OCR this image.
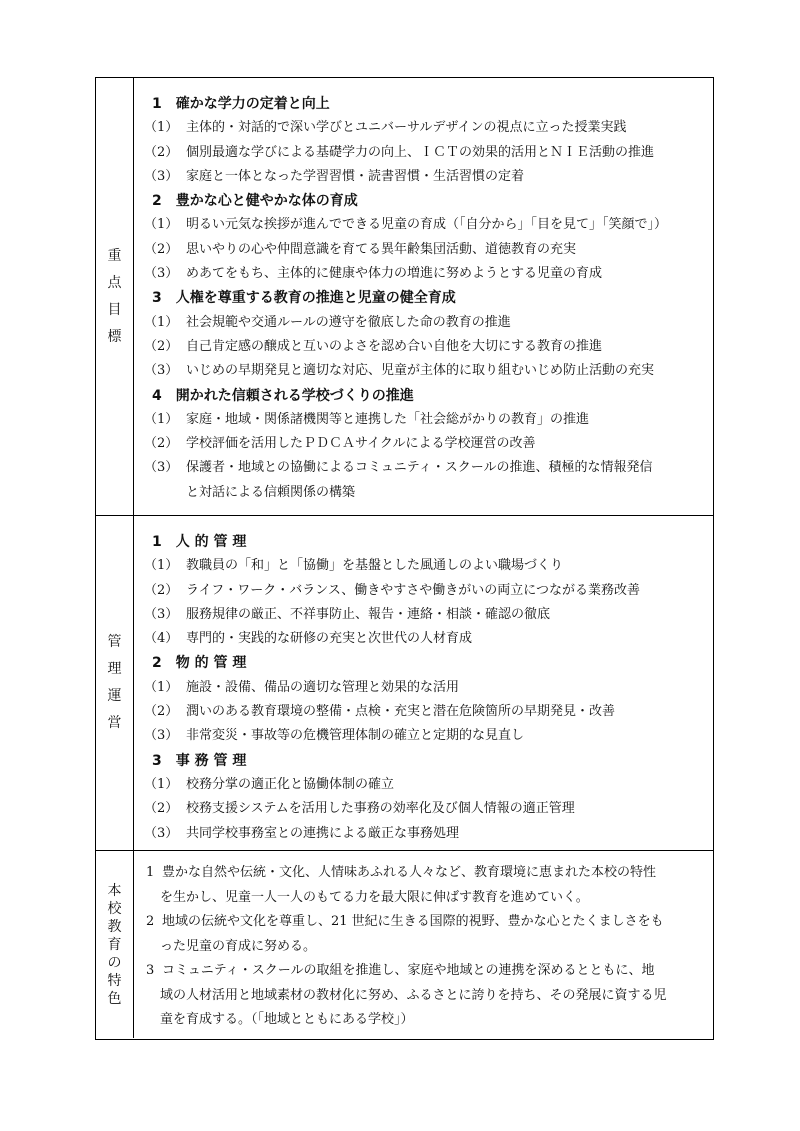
重
点
目
標
1　 確かな学力の定着と向上
（1） 主体的・対話的で深い学びとユニバーサルデザインの視点に立った授業実践
（2） 個別最適な学びによる基礎学力の向上、ＩＣＴの効果的活用とＮＩＥ活動の推進
（3） 家庭と一体となった学習習慣・読書習慣・生活習慣の定着
2　 豊かな心と健やかな体の育成
（1） 明るい元気な挨拶が進んでできる児童の育成（「自分から」「目を見て」「笑顔で」）
（2） 思いやりの心や仲間意識を育てる異年齢集団活動、道徳教育の充実
（3） めあてをもち、主体的に健康や体力の増進に努めようとする児童の育成
3　 人権を尊重する教育の推進と児童の健全育成
（1） 社会規範や交通ルールの遵守を徹底した命の教育の推進
（2） 自己肯定感の醸成と互いのよさを認め合い自他を大切にする教育の推進
（3） いじめの早期発見と適切な対応、児童が主体的に取り組むいじめ防止活動の充実
4　 開かれた信頼される学校づくりの推進
（1） 家庭・地域・関係諸機関等と連携した「社会総がかりの教育」の推進
（2） 学校評価を活用したＰＤＣＡサイクルによる学校運営の改善
（3） 保護者・地域との協働によるコミュニティ・スクールの推進、積極的な情報発信
と対話による信頼関係の構築
管
理
運
営
1　 人 的 管 理
（1） 教職員の「和」と「協働」を基盤とした風通しのよい職場づくり
（2） ライフ・ワーク・バランス、働きやすさや働きがいの両立につながる業務改善
（3） 服務規律の厳正、不祥事防止、報告・連絡・相談・確認の徹底
（4） 専門的・実践的な研修の充実と次世代の人材育成
2　 物 的 管 理
（1） 施設・設備、備品の適切な管理と効果的な活用
（2） 潤いのある教育環境の整備・点検・充実と潜在危険箇所の早期発見・改善
（3） 非常変災・事故等の危機管理体制の確立と定期的な見直し
3　 事 務 管 理
（1） 校務分掌の適正化と協働体制の確立
（2） 校務支援システムを活用した事務の効率化及び個人情報の適正管理
（3） 共同学校事務室との連携による厳正な事務処理
本
校
教
育
の
特
色
1 豊かな自然や伝統・文化、人情味あふれる人々など、教育環境に恵まれた本校の特性
を生かし、児童一人一人のもてる力を最大限に伸ばす教育を進めていく。
2 地域の伝統や文化を尊重し、21 世紀に生きる国際的視野、豊かな心とたくましさをも
った児童の育成に努める。
3 コミュニティ・スクールの取組を推進し、家庭や地域との連携を深めるとともに、地
域の人材活用と地域素材の教材化に努め、ふるさとに誇りを持ち、その発展に資する児
童を育成する。（「地域とともにある学校」）
